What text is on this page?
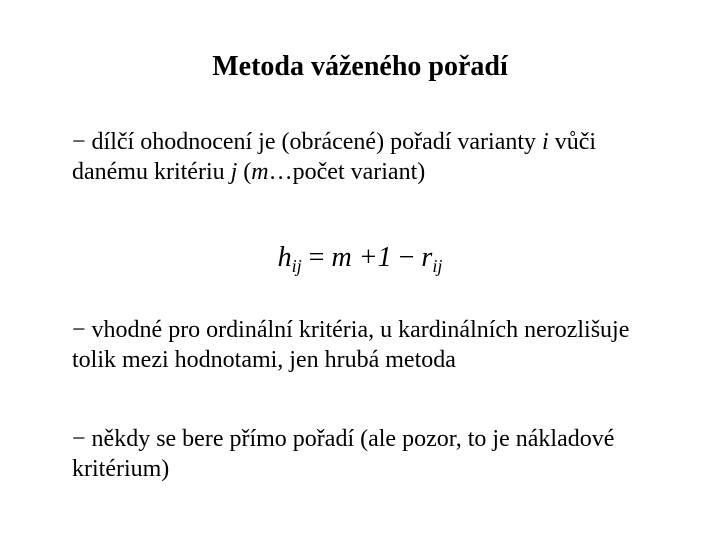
Metoda váženého pořadí
− dílčí ohodnocení je (obrácené) pořadí varianty i vůči danému kritériu j (m…počet variant)
$h_{ij} = m +1 - r_{ij}$
− vhodné pro ordinální kritéria, u kardinálních nerozlišuje tolik mezi hodnotami, jen hrubá metoda
− někdy se bere přímo pořadí (ale pozor, to je nákladové kritérium)
